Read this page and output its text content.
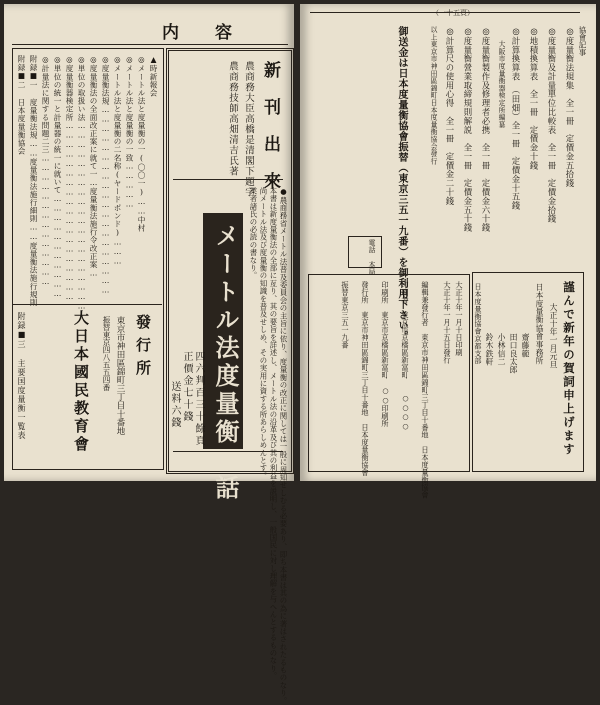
内容
▲時新報会
◎メートル法と度量衡の一(〇〇一)……中村
◎メートル法と度量衡の一致……………
◎メートル法と度量衡の二名称(ヤードポンド)………
◎度量衡法規……………………………………………………
◎度量衡法の全面改正案に就て一…度量衡法施行令改正案…
◎単位の取扱い法……………………………………………………
◎度量衡器検定所…………………………………………………
◎単位の統一と計量器の統一に就いて……………………………
◎計量法に関する問題二三……………………………………
附録■一 度量衡法規……度量衡法施行細則……度量衡法施行規則
附録■二 日本度量衡協会
附録■三 主要国度量衡一覧表	發行所
東京市神田區錦町三丁目十番地
振替東京四八五五四番
大日本國民教育會
新刊出來
農商務大臣高橋是清閣下題字
農商務技師高畑清吉氏著
●農商務省メートル法普及委員会の主旨に依り、度量衡の改正に関しては一般に周知せしむる必要あり、即ち本書は其の為に著はされたるものなり。
本書は新度量衡法の全部に亙り、其の要旨を詳述し、メートル法の沿革及び其の利益を説明し、一般国民に対し理解を与へんとするものなり。
尚メートル法及び度量衡の知識を普及せしめ、その実用に資する所あらしめんとす。
業者諸氏の必読の書なり。
メートル法度量衡の話
四六判百三十餘頁
正價金七十錢
送料六錢
（一十五頁）
協會記事
◎度量衡法規集　全一冊　定價金五拾錢
◎度量衡及計量單位比較表　全一冊　定價金拾錢
◎地積換算表　全一冊　定價金十錢
◎計算換算表　（田畑）全一冊　定價金十五錢
　　大阪市度量衡器検定所編纂
◎度量衡製作及修理者必携　全一冊　定價金六十錢
◎度量衡營業取締規則解説　全一冊　定價金五十錢
◎計算尺の使用心得　全一冊　定價金二十錢
以上東京市神田區錦町日本度量衡協会發行
御送金は日本度量衡協會振替（東京三五一九番）を御利用下さい。
電話 本局
大正十年一月十日印刷
大正十年一月十五日發行
編輯兼發行者　東京市神田區錦町三丁目十番地　日本度量衡協會
印刷者　東京市京橋區新富町　　○○○○
印刷所　東京市京橋區新富町　○○印刷所
發行所　東京市神田區錦町三丁目十番地　日本度量衡協會
振替東京三五一九番	謹んで新年の賀詞申上げます
大正十年一月元旦
日本度量衡協會事務所
齋藤範
田口良太郎
小林信二
鈴木鉄軒
日本度量衡協會京都支部
